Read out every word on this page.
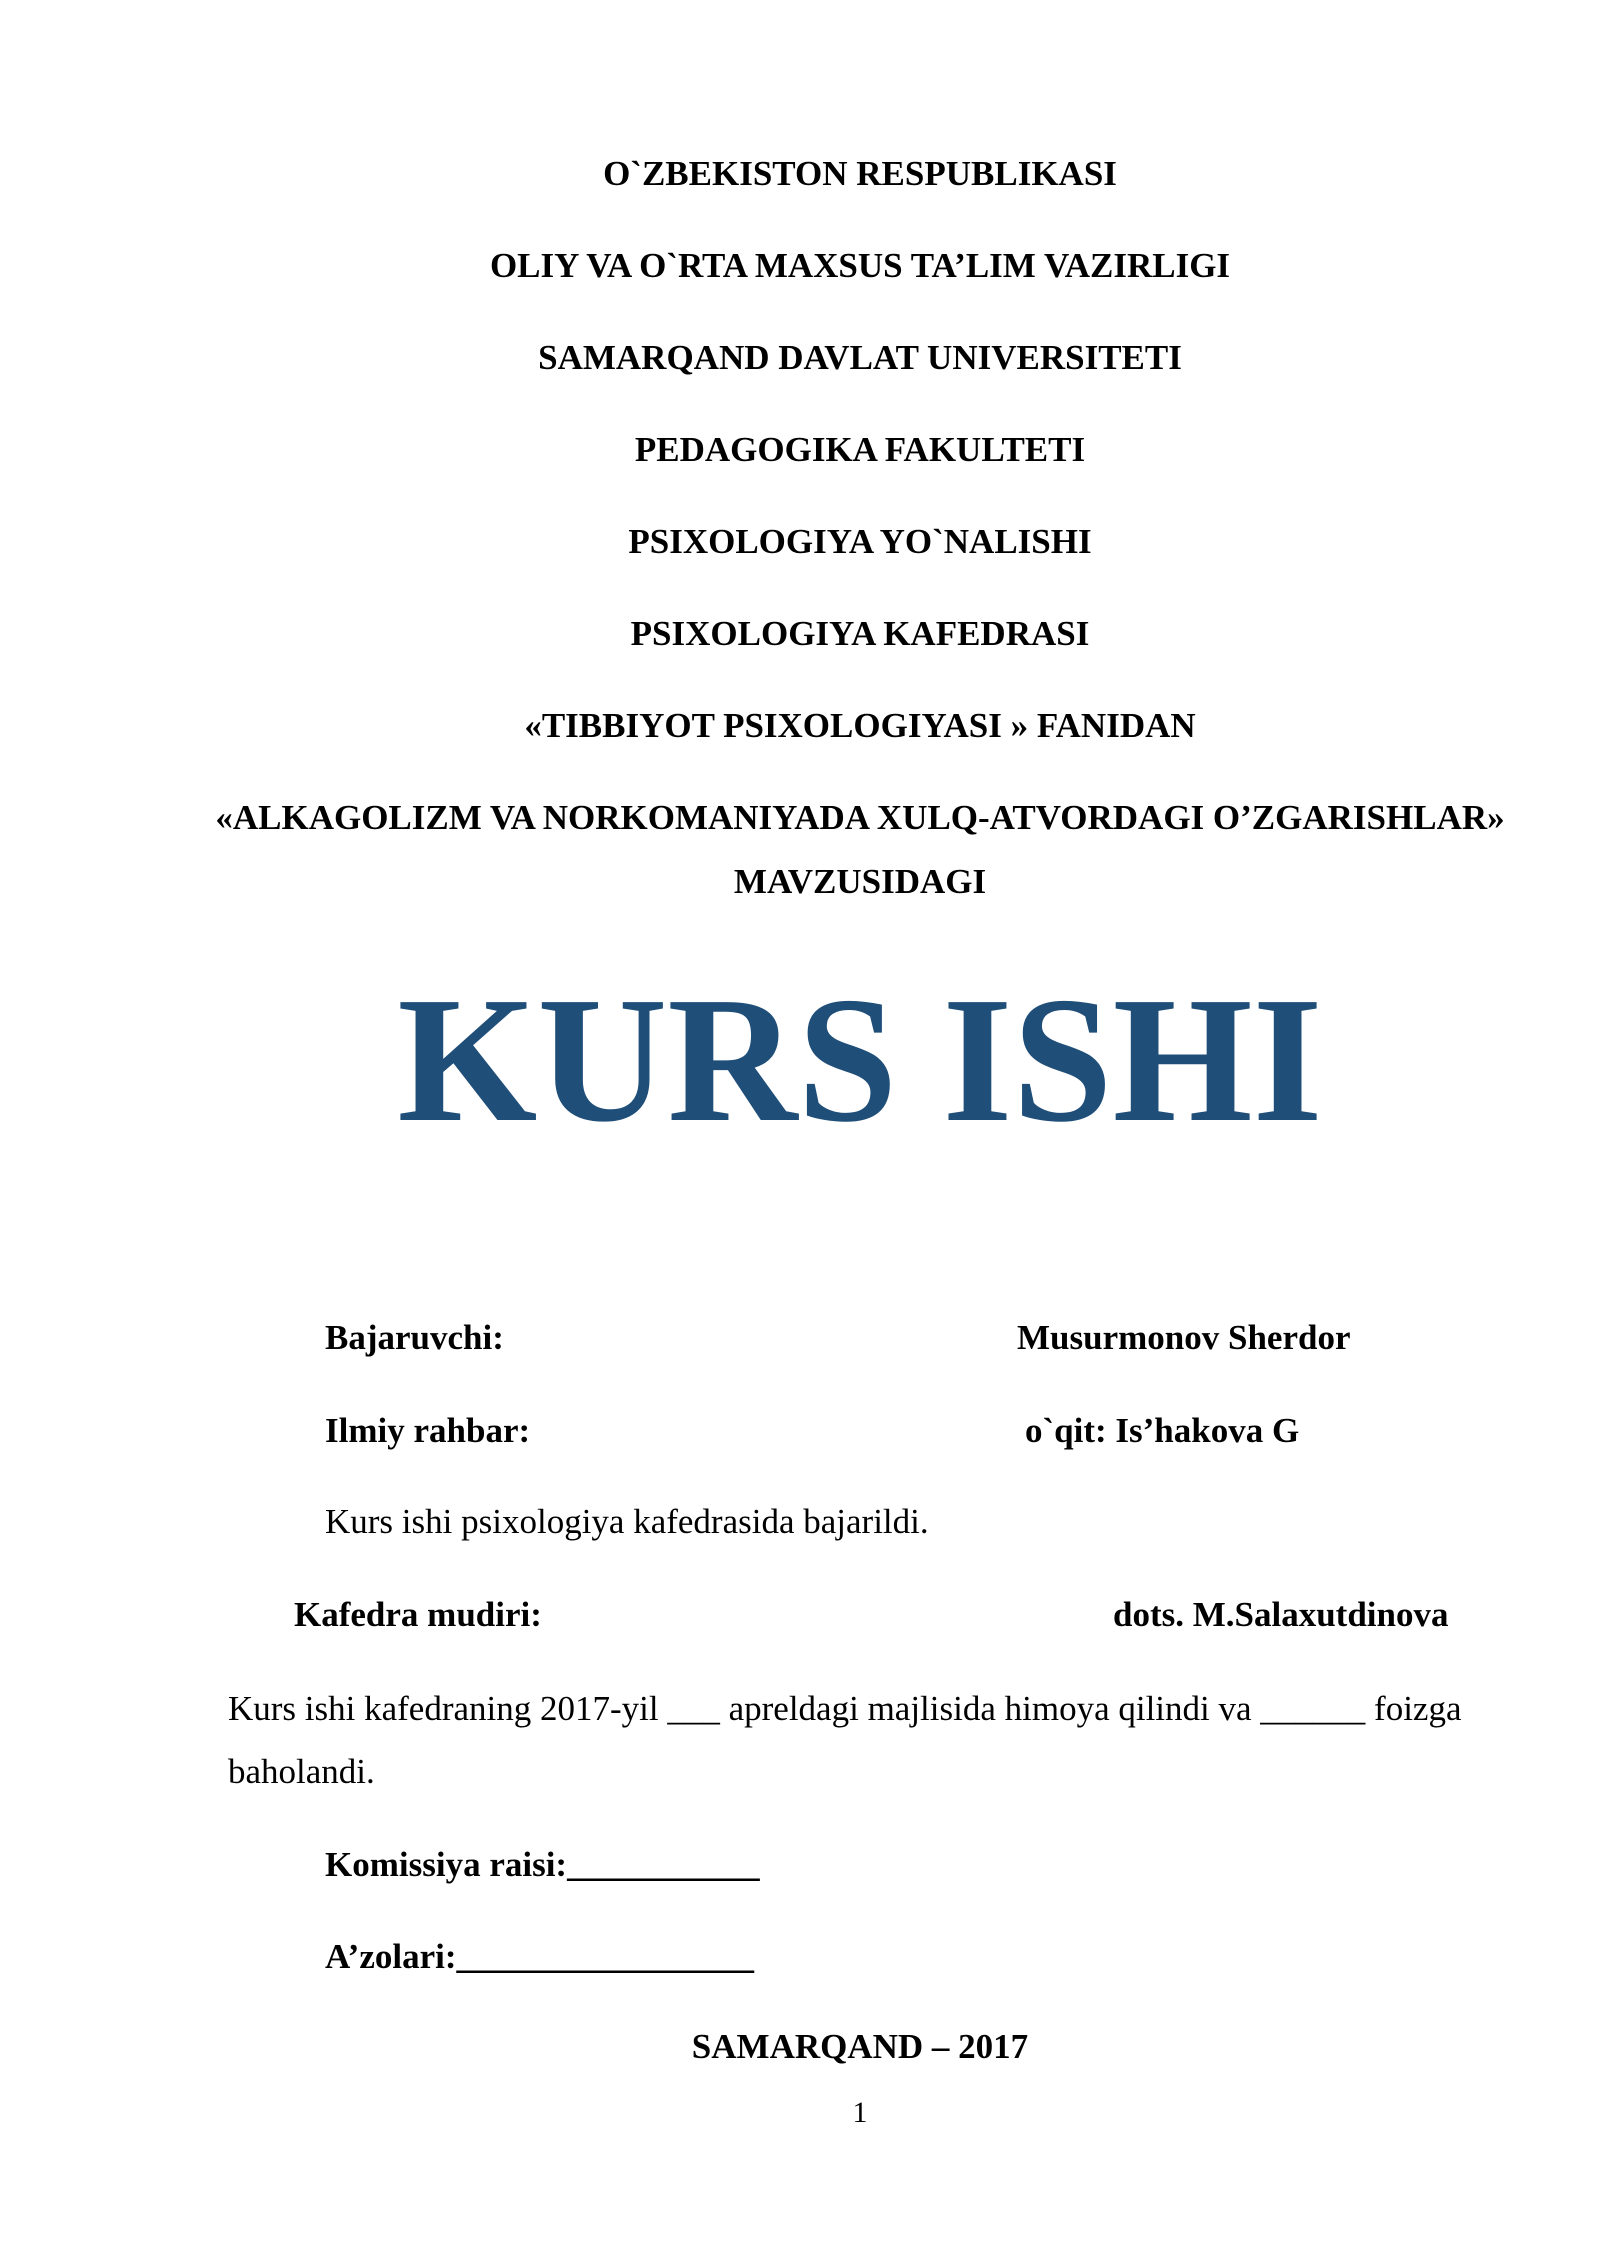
O`ZBEKISTON RESPUBLIKASI
OLIY VA O`RTA MAXSUS TA’LIM VAZIRLIGI
SAMARQAND DAVLAT UNIVERSITETI
PEDAGOGIKA FAKULTETI
PSIXOLOGIYA YO`NALISHI
PSIXOLOGIYA KAFEDRASI
«TIBBIYOT PSIXOLOGIYASI » FANIDAN
«ALKAGOLIZM VA NORKOMANIYADA XULQ-ATVORDAGI O’ZGARISHLAR» MAVZUSIDAGI
KURS ISHI
Bajaruvchi:	Musurmonov Sherdor
Ilmiy rahbar:	o`qit: Is’hakova G
Kurs ishi psixologiya kafedrasida bajarildi.
Kafedra mudiri:	dots. M.Salaxutdinova
Kurs ishi kafedraning 2017-yil ___ apreldagi majlisida himoya qilindi va ______ foizga baholandi.
Komissiya raisi:___________
A’zolari:_________________
SAMARQAND – 2017
1
